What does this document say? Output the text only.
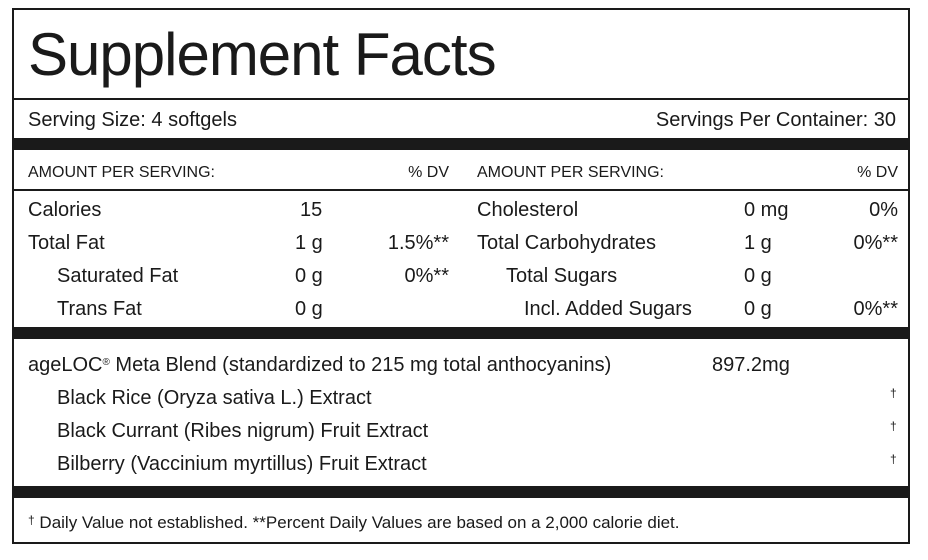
Supplement Facts
Serving Size: 4 softgels	Servings Per Container: 30
AMOUNT PER SERVING:	% DV AMOUNT PER SERVING:	% DV
Calories	15
Total Fat	1 g	1.5%**
Saturated Fat	0 g	0%**
Trans Fat	0 g
Cholesterol	0 mg	0%
Total Carbohydrates	1 g	0%**
Total Sugars	0 g
Incl. Added Sugars	0 g	0%**
ageLOC® Meta Blend (standardized to 215 mg total anthocyanins)	897.2mg
Black Rice (Oryza sativa L.) Extract	†
Black Currant (Ribes nigrum) Fruit Extract	†
Bilberry (Vaccinium myrtillus) Fruit Extract	†
† Daily Value not established. **Percent Daily Values are based on a 2,000 calorie diet.
